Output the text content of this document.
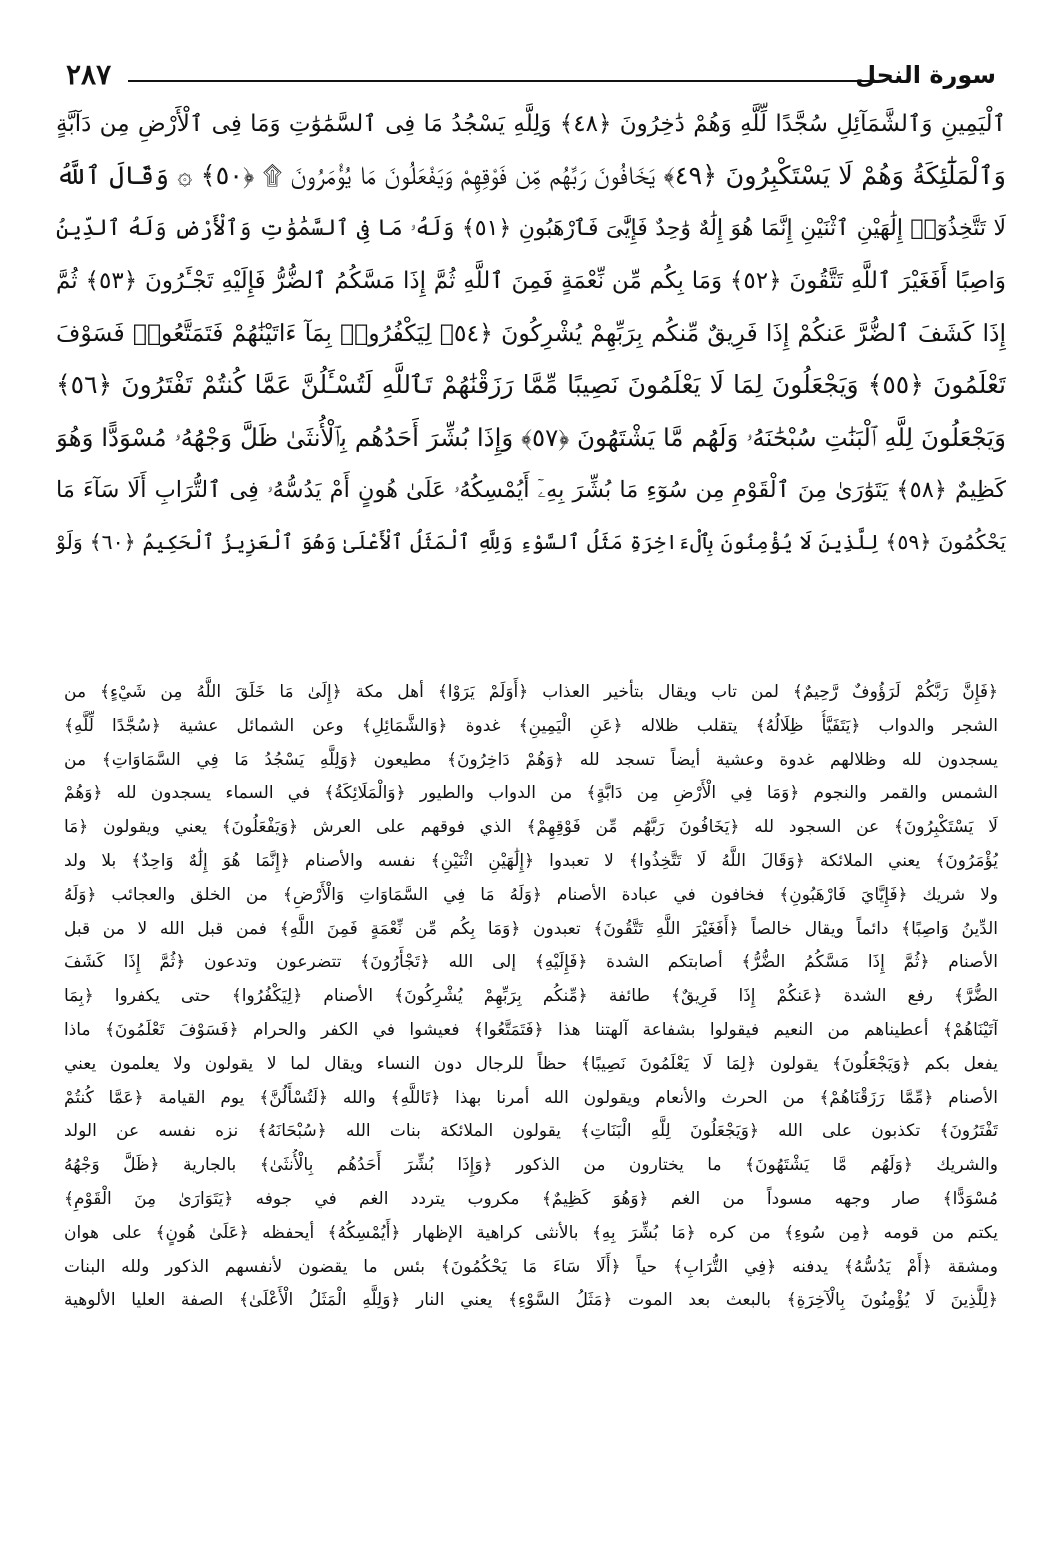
٢٨٧	سورة النحل
ٱلْيَمِينِ وَٱلشَّمَآئِلِ سُجَّدًا لِّلَّهِ وَهُمْ دَٰخِرُونَ ﴿٤٨﴾ وَلِلَّهِ يَسْجُدُ مَا فِى ٱلسَّمَٰوَٰتِ وَمَا فِى ٱلْأَرْضِ مِن دَآبَّةٍ
وَٱلْمَلَٰٓئِكَةُ وَهُمْ لَا يَسْتَكْبِرُونَ ﴿٤٩﴾ يَخَافُونَ رَبَّهُم مِّن فَوْقِهِمْ وَيَفْعَلُونَ مَا يُؤْمَرُونَ ۩ ﴿٥٠﴾ ۞ وَقَالَ ٱللَّهُ
لَا تَتَّخِذُوٓا۟ إِلَٰهَيْنِ ٱثْنَيْنِ إِنَّمَا هُوَ إِلَٰهٌ وَٰحِدٌ فَإِيَّٰىَ فَٱرْهَبُونِ ﴿٥١﴾ وَلَهُۥ مَا فِى ٱلسَّمَٰوَٰتِ وَٱلْأَرْضِ وَلَهُ ٱلدِّينُ
وَاصِبًا أَفَغَيْرَ ٱللَّهِ تَتَّقُونَ ﴿٥٢﴾ وَمَا بِكُم مِّن نِّعْمَةٍ فَمِنَ ٱللَّهِ ثُمَّ إِذَا مَسَّكُمُ ٱلضُّرُّ فَإِلَيْهِ تَجْـَٔرُونَ ﴿٥٣﴾ ثُمَّ
إِذَا كَشَفَ ٱلضُّرَّ عَنكُمْ إِذَا فَرِيقٌ مِّنكُم بِرَبِّهِمْ يُشْرِكُونَ ﴿٥٤﴾ لِيَكْفُرُوا۟ بِمَآ ءَاتَيْنَٰهُمْ فَتَمَتَّعُوا۟ فَسَوْفَ
تَعْلَمُونَ ﴿٥٥﴾ وَيَجْعَلُونَ لِمَا لَا يَعْلَمُونَ نَصِيبًا مِّمَّا رَزَقْنَٰهُمْ تَٱللَّهِ لَتُسْـَٔلُنَّ عَمَّا كُنتُمْ تَفْتَرُونَ ﴿٥٦﴾
وَيَجْعَلُونَ لِلَّهِ ٱلْبَنَٰتِ سُبْحَٰنَهُۥ وَلَهُم مَّا يَشْتَهُونَ ﴿٥٧﴾ وَإِذَا بُشِّرَ أَحَدُهُم بِٱلْأُنثَىٰ ظَلَّ وَجْهُهُۥ مُسْوَدًّا وَهُوَ
كَظِيمٌ ﴿٥٨﴾ يَتَوَٰرَىٰ مِنَ ٱلْقَوْمِ مِن سُوٓءِ مَا بُشِّرَ بِهِۦٓ أَيُمْسِكُهُۥ عَلَىٰ هُونٍ أَمْ يَدُسُّهُۥ فِى ٱلتُّرَابِ أَلَا سَآءَ مَا
يَحْكُمُونَ ﴿٥٩﴾ لِلَّذِينَ لَا يُؤْمِنُونَ بِٱلْءَاخِرَةِ مَثَلُ ٱلسَّوْءِ وَلِلَّهِ ٱلْمَثَلُ ٱلْأَعْلَىٰ وَهُوَ ٱلْعَزِيزُ ٱلْحَكِيمُ ﴿٦٠﴾ وَلَوْ
﴿فَإِنَّ رَبَّكُمْ لَرَؤُوفٌ رَّحِيمٌ﴾ لمن تاب ويقال بتأخير العذاب ﴿أَوَلَمْ يَرَوْا﴾ أهل مكة ﴿إِلَىٰ مَا خَلَقَ اللَّهُ مِن شَيْءٍ﴾ من
الشجر والدواب ﴿يَتَفَيَّأُ ظِلَالُهُ﴾ يتقلب ظلاله ﴿عَنِ الْيَمِينِ﴾ غدوة ﴿وَالشَّمَائِلِ﴾ وعن الشمائل عشية ﴿سُجَّدًا لِّلَّهِ﴾
يسجدون لله وظلالهم غدوة وعشية أيضاً تسجد لله ﴿وَهُمْ دَاخِرُونَ﴾ مطيعون ﴿وَلِلَّهِ يَسْجُدُ مَا فِي السَّمَاوَاتِ﴾ من
الشمس والقمر والنجوم ﴿وَمَا فِي الْأَرْضِ مِن دَابَّةٍ﴾ من الدواب والطيور ﴿وَالْمَلَائِكَةُ﴾ في السماء يسجدون لله ﴿وَهُمْ
لَا يَسْتَكْبِرُونَ﴾ عن السجود لله ﴿يَخَافُونَ رَبَّهُم مِّن فَوْقِهِمْ﴾ الذي فوقهم على العرش ﴿وَيَفْعَلُونَ﴾ يعني ويقولون ﴿مَا
يُؤْمَرُونَ﴾ يعني الملائكة ﴿وَقَالَ اللَّهُ لَا تَتَّخِذُوا﴾ لا تعبدوا ﴿إِلَٰهَيْنِ اثْنَيْنِ﴾ نفسه والأصنام ﴿إِنَّمَا هُوَ إِلَٰهٌ وَاحِدٌ﴾ بلا ولد
ولا شريك ﴿فَإِيَّايَ فَارْهَبُونِ﴾ فخافون في عبادة الأصنام ﴿وَلَهُ مَا فِي السَّمَاوَاتِ وَالْأَرْضِ﴾ من الخلق والعجائب ﴿وَلَهُ
الدِّينُ وَاصِبًا﴾ دائماً ويقال خالصاً ﴿أَفَغَيْرَ اللَّهِ تَتَّقُونَ﴾ تعبدون ﴿وَمَا بِكُم مِّن نِّعْمَةٍ فَمِنَ اللَّهِ﴾ فمن قبل الله لا من قبل
الأصنام ﴿ثُمَّ إِذَا مَسَّكُمُ الضُّرُّ﴾ أصابتكم الشدة ﴿فَإِلَيْهِ﴾ إلى الله ﴿تَجْأَرُونَ﴾ تتضرعون وتدعون ﴿ثُمَّ إِذَا كَشَفَ
الضُّرَّ﴾ رفع الشدة ﴿عَنكُمْ إِذَا فَرِيقٌ﴾ طائفة ﴿مِّنكُم بِرَبِّهِمْ يُشْرِكُونَ﴾ الأصنام ﴿لِيَكْفُرُوا﴾ حتى يكفروا ﴿بِمَا
آتَيْنَاهُمْ﴾ أعطيناهم من النعيم فيقولوا بشفاعة آلهتنا هذا ﴿فَتَمَتَّعُوا﴾ فعيشوا في الكفر والحرام ﴿فَسَوْفَ تَعْلَمُونَ﴾ ماذا
يفعل بكم ﴿وَيَجْعَلُونَ﴾ يقولون ﴿لِمَا لَا يَعْلَمُونَ نَصِيبًا﴾ حظاً للرجال دون النساء ويقال لما لا يقولون ولا يعلمون يعني
الأصنام ﴿مِّمَّا رَزَقْنَاهُمْ﴾ من الحرث والأنعام ويقولون الله أمرنا بهذا ﴿تَاللَّهِ﴾ والله ﴿لَتُسْأَلُنَّ﴾ يوم القيامة ﴿عَمَّا كُنتُمْ
تَفْتَرُونَ﴾ تكذبون على الله ﴿وَيَجْعَلُونَ لِلَّهِ الْبَنَاتِ﴾ يقولون الملائكة بنات الله ﴿سُبْحَانَهُ﴾ نزه نفسه عن الولد
والشريك ﴿وَلَهُم مَّا يَشْتَهُونَ﴾ ما يختارون من الذكور ﴿وَإِذَا بُشِّرَ أَحَدُهُم بِالْأُنثَىٰ﴾ بالجارية ﴿ظَلَّ وَجْهُهُ
مُسْوَدًّا﴾ صار وجهه مسوداً من الغم ﴿وَهُوَ كَظِيمٌ﴾ مكروب يتردد الغم في جوفه ﴿يَتَوَارَىٰ مِنَ الْقَوْمِ﴾
يكتم من قومه ﴿مِن سُوءِ﴾ من كره ﴿مَا بُشِّرَ بِهِ﴾ بالأنثى كراهية الإظهار ﴿أَيُمْسِكُهُ﴾ أيحفظه ﴿عَلَىٰ هُونٍ﴾ على هوان
ومشقة ﴿أَمْ يَدُسُّهُ﴾ يدفنه ﴿فِي التُّرَابِ﴾ حياً ﴿أَلَا سَاءَ مَا يَحْكُمُونَ﴾ بئس ما يقضون لأنفسهم الذكور ولله البنات
﴿لِلَّذِينَ لَا يُؤْمِنُونَ بِالْآخِرَةِ﴾ بالبعث بعد الموت ﴿مَثَلُ السَّوْءِ﴾ يعني النار ﴿وَلِلَّهِ الْمَثَلُ الْأَعْلَىٰ﴾ الصفة العليا الألوهية
